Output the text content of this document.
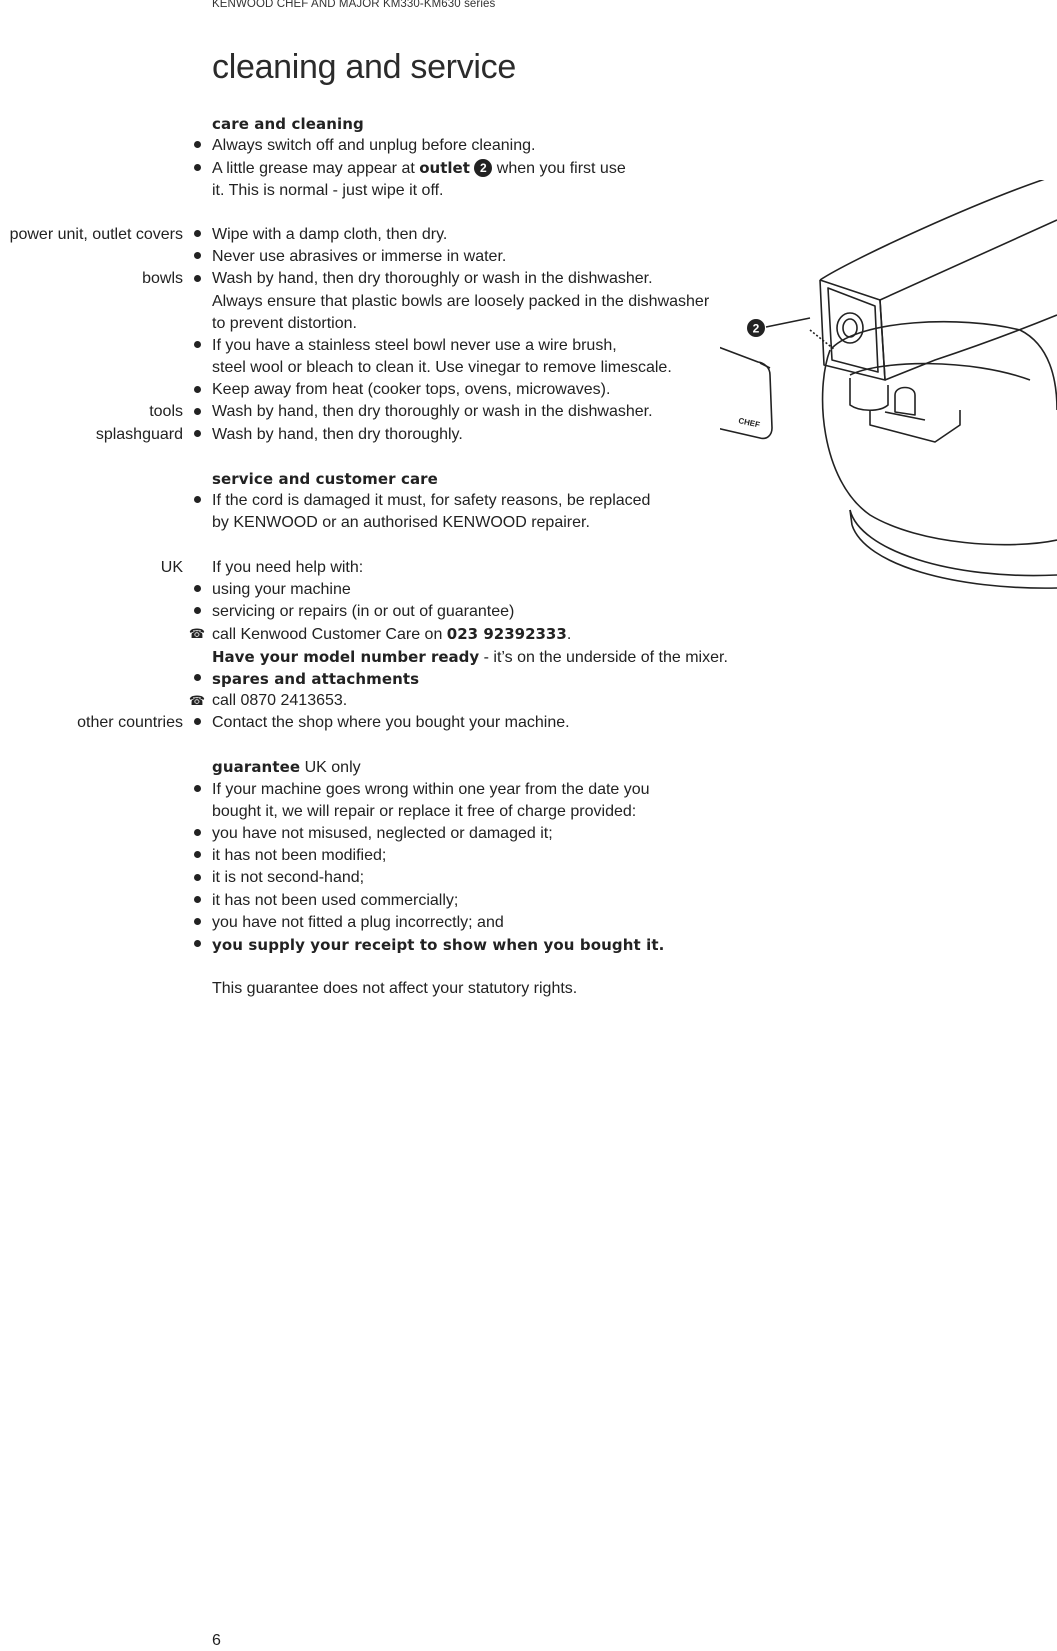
KENWOOD CHEF AND MAJOR KM330-KM630 series
cleaning and service
care and cleaning
Always switch off and unplug before cleaning.
A little grease may appear at outlet 2 when you first use
it. This is normal - just wipe it off.
power unit, outlet covers Wipe with a damp cloth, then dry.
Never use abrasives or immerse in water.
bowls Wash by hand, then dry thoroughly or wash in the dishwasher.
Always ensure that plastic bowls are loosely packed in the dishwasher
to prevent distortion.
If you have a stainless steel bowl never use a wire brush,
steel wool or bleach to clean it. Use vinegar to remove limescale.
Keep away from heat (cooker tops, ovens, microwaves).
tools Wash by hand, then dry thoroughly or wash in the dishwasher.
splashguard Wash by hand, then dry thoroughly.
service and customer care
If the cord is damaged it must, for safety reasons, be replaced
by KENWOOD or an authorised KENWOOD repairer.
UK If you need help with:
using your machine
servicing or repairs (in or out of guarantee)
☎ call Kenwood Customer Care on 023 92392333.
Have your model number ready - it’s on the underside of the mixer.
spares and attachments
☎ call 0870 2413653.
other countries Contact the shop where you bought your machine.
guarantee UK only
If your machine goes wrong within one year from the date you
bought it, we will repair or replace it free of charge provided:
you have not misused, neglected or damaged it;
it has not been modified;
it is not second-hand;
it has not been used commercially;
you have not fitted a plug incorrectly; and
you supply your receipt to show when you bought it.
This guarantee does not affect your statutory rights.
2
CHEF
6
